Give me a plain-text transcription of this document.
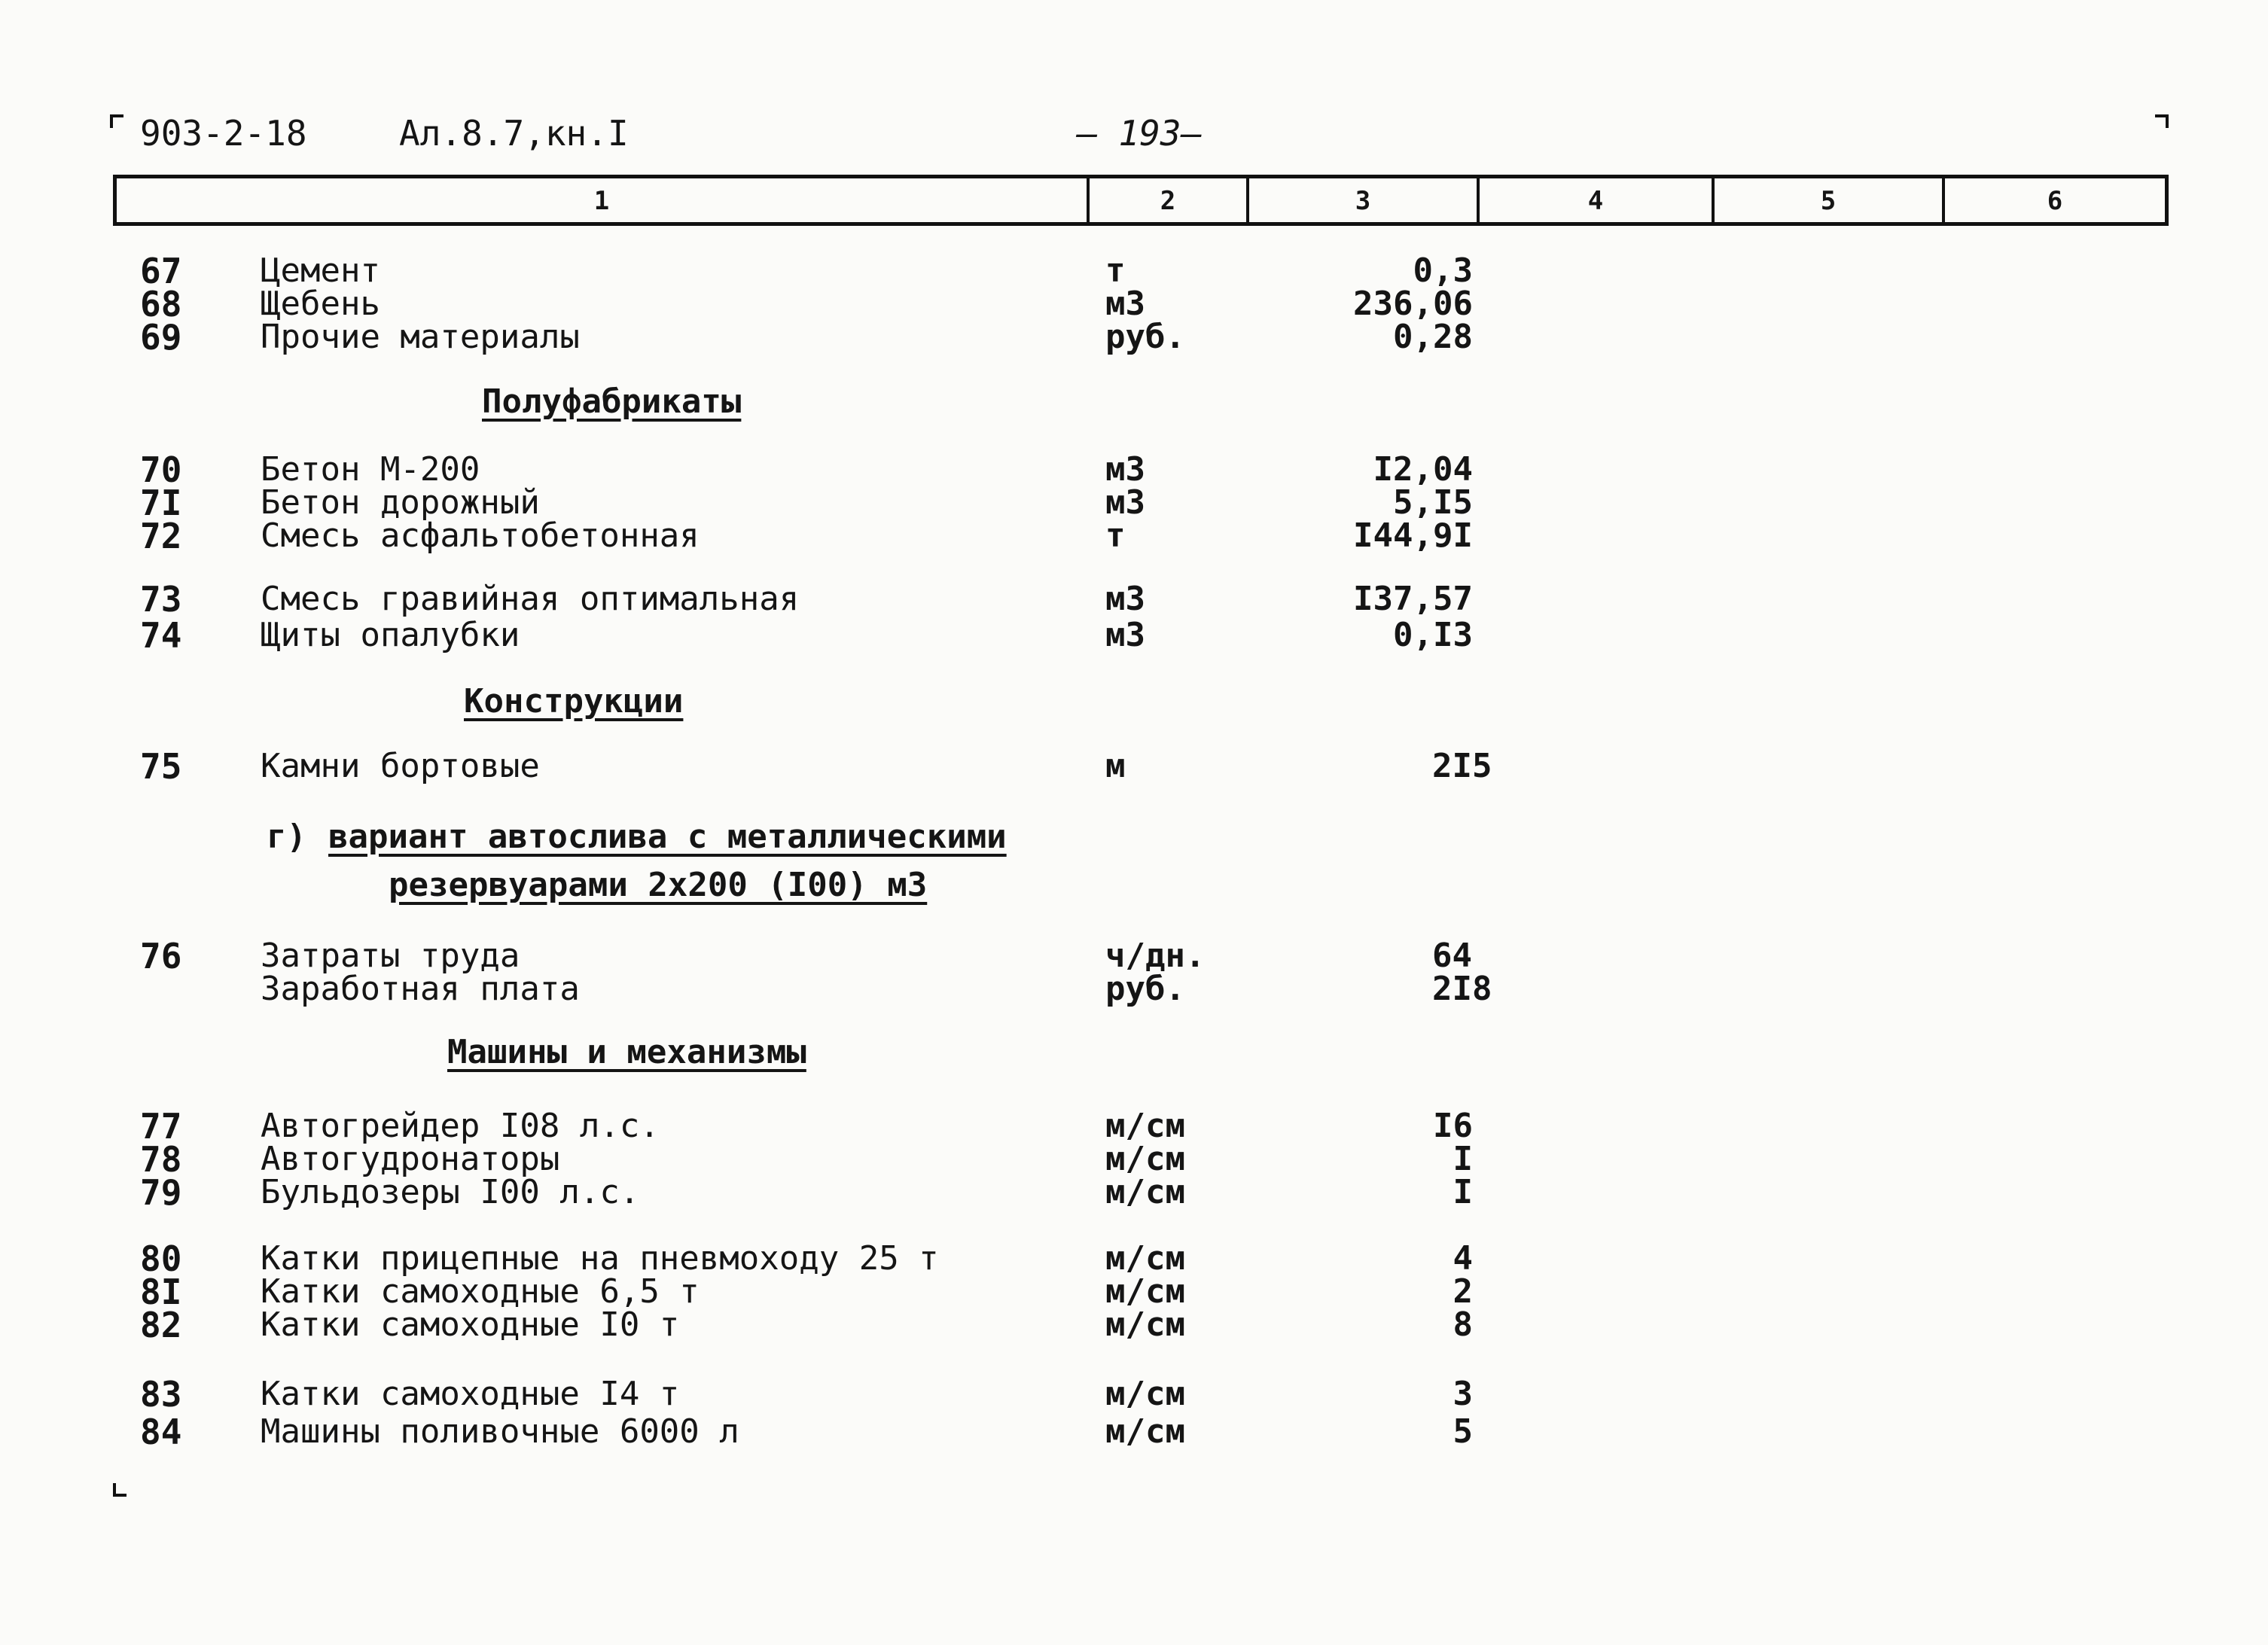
903-2-18	Ал.8.7,кн.I	— 193—
1	2	3	4	5	6
67	Цемент	т	0,3
68	Щебень	м3	236,06
69	Прочие материалы	руб.	0,28
Полуфабрикаты
70	Бетон М-200	м3	I2,04
7I	Бетон дорожный	м3	5,I5
72	Смесь асфальтобетонная	т	I44,9I
73	Смесь гравийная оптимальная	м3	I37,57
74	Щиты опалубки	м3	0,I3
Конструкции
75	Камни бортовые	м	2I5
г) вариант автослива с металлическими
резервуарами 2х200 (I00) м3
76	Затраты труда	ч/дн.	64
Заработная плата	руб.	2I8
Машины и механизмы
77	Автогрейдер I08 л.с.	м/см	I6
78	Автогудронаторы	м/см	I
79	Бульдозеры I00 л.с.	м/см	I
80	Катки прицепные на пневмоходу 25 т	м/см	4
8I	Катки самоходные 6,5 т	м/см	2
82	Катки самоходные I0 т	м/см	8
83	Катки самоходные I4 т	м/см	3
84	Машины поливочные 6000 л	м/см	5
